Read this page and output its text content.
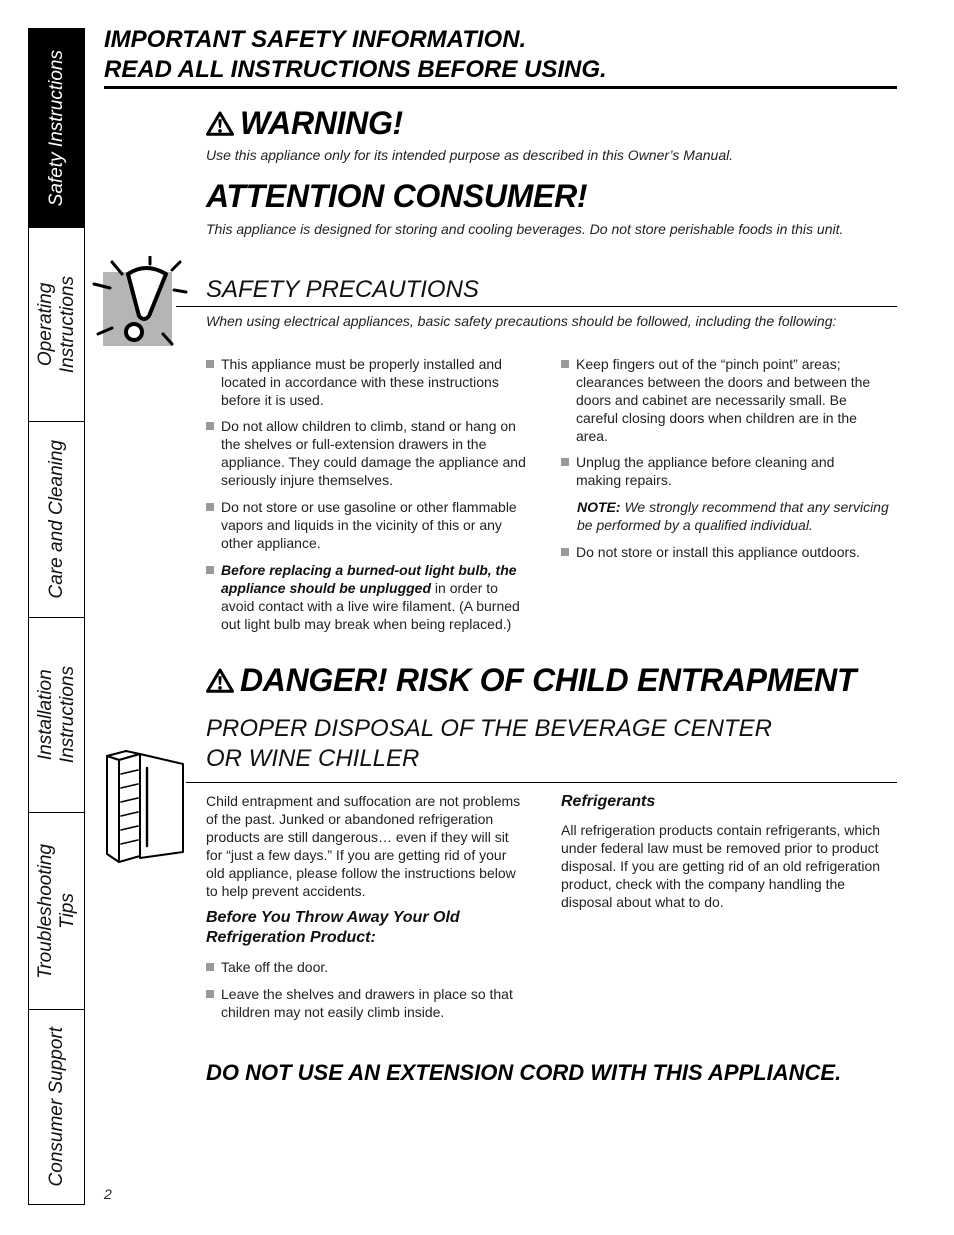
Safety Instructions
Operating Instructions
Care and Cleaning
Installation Instructions
Troubleshooting Tips
Consumer Support
IMPORTANT SAFETY INFORMATION.
READ ALL INSTRUCTIONS BEFORE USING.
WARNING!
Use this appliance only for its intended purpose as described in this Owner’s Manual.
ATTENTION CONSUMER!
This appliance is designed for storing and cooling beverages. Do not store perishable foods in this unit.
SAFETY PRECAUTIONS
When using electrical appliances, basic safety precautions should be followed, including the following:
This appliance must be properly installed and located in accordance with these instructions before it is used.
Do not allow children to climb, stand or hang on the shelves or full-extension drawers in the appliance. They could damage the appliance and seriously injure themselves.
Do not store or use gasoline or other flammable vapors and liquids in the vicinity of this or any other appliance.
Before replacing a burned-out light bulb, the appliance should be unplugged in order to avoid contact with a live wire filament. (A burned out light bulb may break when being replaced.)
Keep fingers out of the “pinch point” areas; clearances between the doors and between the doors and cabinet are necessarily small. Be careful closing doors when children are in the area.
Unplug the appliance before cleaning and making repairs.

NOTE: We strongly recommend that any servicing be performed by a qualified individual.

Do not store or install this appliance outdoors.
DANGER! RISK OF CHILD ENTRAPMENT
PROPER DISPOSAL OF THE BEVERAGE CENTER
OR WINE CHILLER
Child entrapment and suffocation are not problems of the past. Junked or abandoned refrigeration products are still dangerous… even if they will sit for “just a few days.” If you are getting rid of your old appliance, please follow the instructions below to help prevent accidents.
Before You Throw Away Your Old Refrigeration Product:
Take off the door.
Leave the shelves and drawers in place so that children may not easily climb inside.
Refrigerants
All refrigeration products contain refrigerants, which under federal law must be removed prior to product disposal. If you are getting rid of an old refrigeration product, check with the company handling the disposal about what to do.
DO NOT USE AN EXTENSION CORD WITH THIS APPLIANCE.
2
